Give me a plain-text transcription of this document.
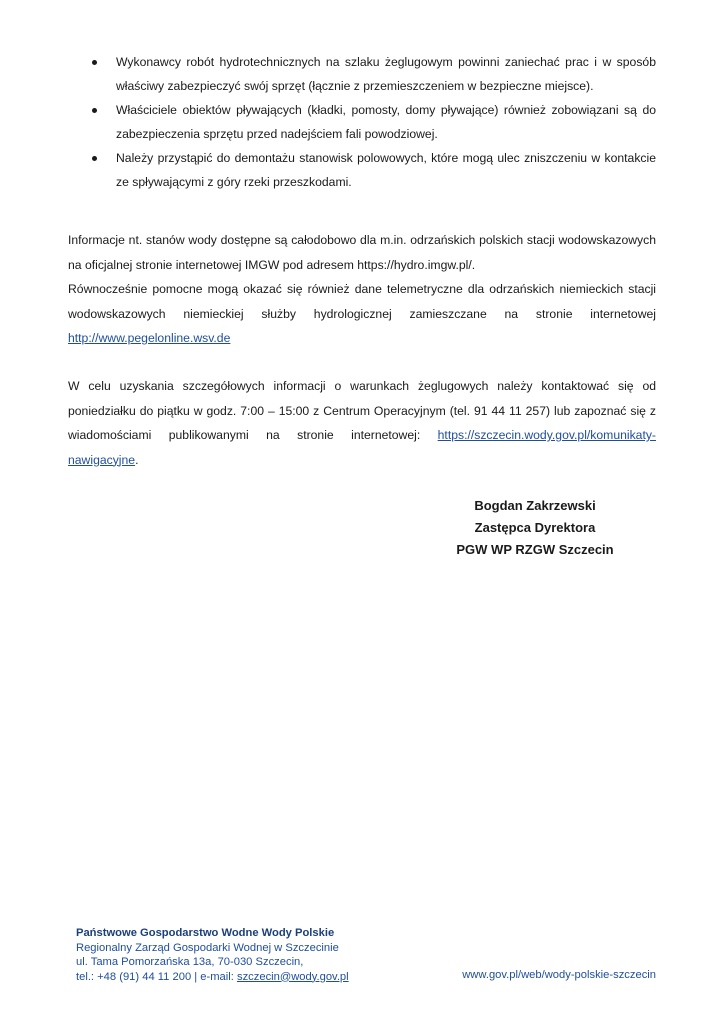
Wykonawcy robót hydrotechnicznych na szlaku żeglugowym powinni zaniechać prac i w sposób właściwy zabezpieczyć swój sprzęt (łącznie z przemieszczeniem w bezpieczne miejsce).
Właściciele obiektów pływających (kładki, pomosty, domy pływające) również zobowiązani są do zabezpieczenia sprzętu przed nadejściem fali powodziowej.
Należy przystąpić do demontażu stanowisk polowowych, które mogą ulec zniszczeniu w kontakcie ze spływającymi z góry rzeki przeszkodami.

Informacje nt. stanów wody dostępne są całodobowo dla m.in. odrzańskich polskich stacji wodowskazowych na oficjalnej stronie internetowej IMGW pod adresem https://hydro.imgw.pl/.

Równocześnie pomocne mogą okazać się również dane telemetryczne dla odrzańskich niemieckich stacji wodowskazowych niemieckiej służby hydrologicznej zamieszczane na stronie internetowej http://www.pegelonline.wsv.de

W celu uzyskania szczegółowych informacji o warunkach żeglugowych należy kontaktować się od poniedziałku do piątku w godz. 7:00 – 15:00 z Centrum Operacyjnym (tel. 91 44 11 257) lub zapoznać się z wiadomościami publikowanymi na stronie internetowej: https://szczecin.wody.gov.pl/komunikaty-nawigacyjne.

Bogdan Zakrzewski
Zastępca Dyrektora
PGW WP RZGW Szczecin
Państwowe Gospodarstwo Wodne Wody Polskie
Regionalny Zarząd Gospodarki Wodnej w Szczecinie
ul. Tama Pomorzańska 13a, 70-030 Szczecin,
tel.: +48 (91) 44 11 200 | e-mail: szczecin@wody.gov.pl	www.gov.pl/web/wody-polskie-szczecin
